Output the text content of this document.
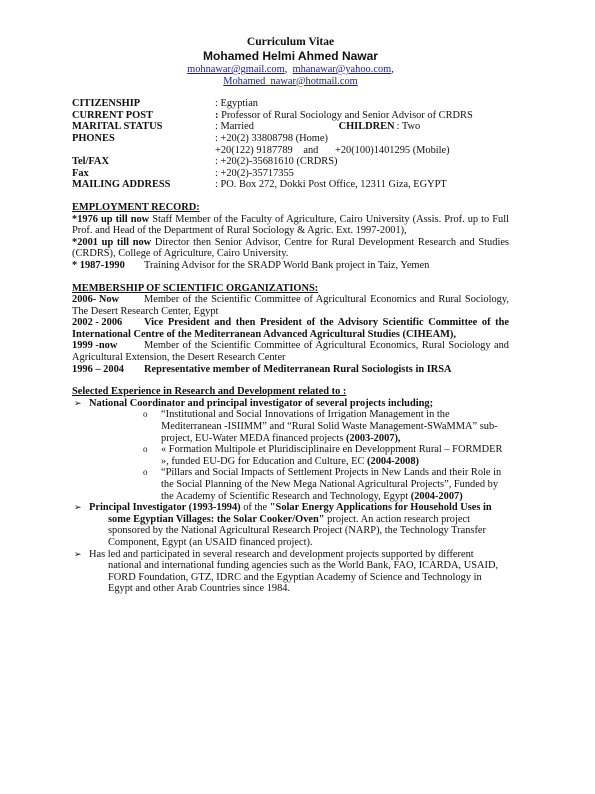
Curriculum Vitae
Mohamed Helmi Ahmed Nawar
mohnawar@gmail.com, mhanawar@yahoo.com,
Mohamed_nawar@hotmail.com
CITIZENSHIP	: Egyptian
CURRENT POST	: Professor of Rural Sociology and Senior Advisor of CRDRS
MARITAL STATUS	: Married CHILDREN : Two
PHONES	: +20(2) 33808798 (Home)
	+20(122) 9187789 and +20(100)1401295 (Mobile)
Tel/FAX	: +20(2)-35681610 (CRDRS)
Fax	: +20(2)-35717355
MAILING ADDRESS	: PO. Box 272, Dokki Post Office, 12311 Giza, EGYPT
EMPLOYMENT RECORD:

*1976 up till now Staff Member of the Faculty of Agriculture, Cairo University (Assis. Prof. up to Full Prof. and Head of the Department of Rural Sociology & Agric. Ext. 1997-2001),

*2001 up till now Director then Senior Advisor, Centre for Rural Development Research and Studies (CRDRS), College of Agriculture, Cairo University.

* 1987-1990 Training Advisor for the SRADP World Bank project in Taiz, Yemen

MEMBERSHIP OF SCIENTIFIC ORGANIZATIONS:

2006- Now Member of the Scientific Committee of Agricultural Economics and Rural Sociology, The Desert Research Center, Egypt

2002 - 2006 Vice President and then President of the Advisory Scientific Committee of the International Centre of the Mediterranean Advanced Agricultural Studies (CIHEAM),

1999 -now	Member of the Scientific Committee of Agricultural Economics, Rural Sociology and Agricultural Extension, the Desert Research Center

1996 – 2004 Representative member of Mediterranean Rural Sociologists in IRSA

Selected Experience in Research and Development related to :
➢ National Coordinator and principal investigator of several projects including;
o “Institutional and Social Innovations of Irrigation Management in the Mediterranean -ISIIMM” and “Rural Solid Waste Management-SWaMMA” sub-project, EU-Water MEDA financed projects (2003-2007),
o « Formation Multipole et Pluridisciplinaire en Developpment Rural – FORMDER », funded EU-DG for Education and Culture, EC (2004-2008)
o “Pillars and Social Impacts of Settlement Projects in New Lands and their Role in the Social Planning of the New Mega National Agricultural Projects”, Funded by the Academy of Scientific Research and Technology, Egypt (2004-2007)
➢ Principal Investigator (1993-1994) of the "Solar Energy Applications for Household Uses in some Egyptian Villages: the Solar Cooker/Oven" project. An action research project sponsored by the National Agricultural Research Project (NARP), the Technology Transfer Component, Egypt (an USAID financed project).
➢ Has led and participated in several research and development projects supported by different national and international funding agencies such as the World Bank, FAO, ICARDA, USAID, FORD Foundation, GTZ, IDRC and the Egyptian Academy of Science and Technology in Egypt and other Arab Countries since 1984.
